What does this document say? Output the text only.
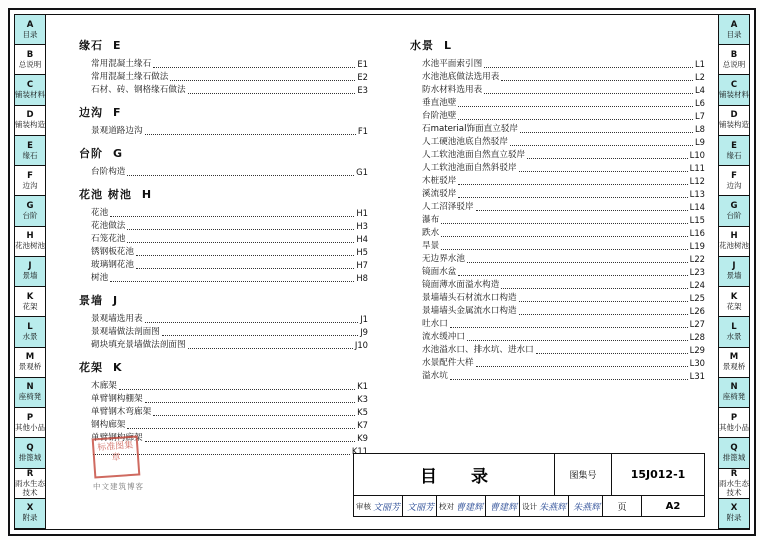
A
目录
B
总说明
C
铺装材料
D
铺装构造
E
缘石
F
边沟
G
台阶
H
花池树池
J
景墙
K
花架
L
水景
M
景观桥
N
座椅凳
P
其他小品
Q
排篦城
R
雨水生态技术
X
附录
A
目录
B
总说明
C
铺装材料
D
铺装构造
E
缘石
F
边沟
G
台阶
H
花池树池
J
景墙
K
花架
L
水景
M
景观桥
N
座椅凳
P
其他小品
Q
排篦城
R
雨水生态技术
X
附录
缘石 E
常用混凝土缘石	E1
常用混凝土缘石做法	E2
石材、砖、钢格缘石做法	E3
边沟 F
景观道路边沟	F1
台阶 G
台阶构造	G1
花池 树池 H
花池	H1
花池做法	H3
石笼花池	H4
锈钢板花池	H5
玻璃钢花池	H7
树池	H8
景墙 J
景观墙选用表	J1
景观墙做法剖面图	J9
砌块填充景墙做法剖面图	J10
花架 K
木廊架	K1
单臂钢构棚架	K3
单臂钢木弯廊架	K5
钢构廊架	K7
单臂钢构廊架	K9
K11
水景 L
水池平面索引图	L1
水池池底做法选用表	L2
防水材料选用表	L4
垂直池壁	L6
台阶池壁	L7
石material饰面直立驳岸	L8
人工硬池池底自然驳岸	L9
人工软池池面自然直立驳岸	L10
人工软池池面自然斜驳岸	L11
木桩驳岸	L12
溪流驳岸	L13
人工沼泽驳岸	L14
瀑布	L15
跌水	L16
旱景	L19
无边界水池	L22
镜面水盆	L23
镜面薄水面溢水构造	L24
景墙墙头石材流水口构造	L25
景墙墙头金属流水口构造	L26
吐水口	L27
流水缓冲口	L28
水池溢水口、排水坑、进水口	L29
水景配件大样	L30
溢水坑	L31
标准图集章
中文建筑博客	目 录	图集号	15J012-1
审核 文丽芳 文丽芳 校对 曹建辉 曹建辉 设计 朱燕辉 朱燕辉	页	A2
